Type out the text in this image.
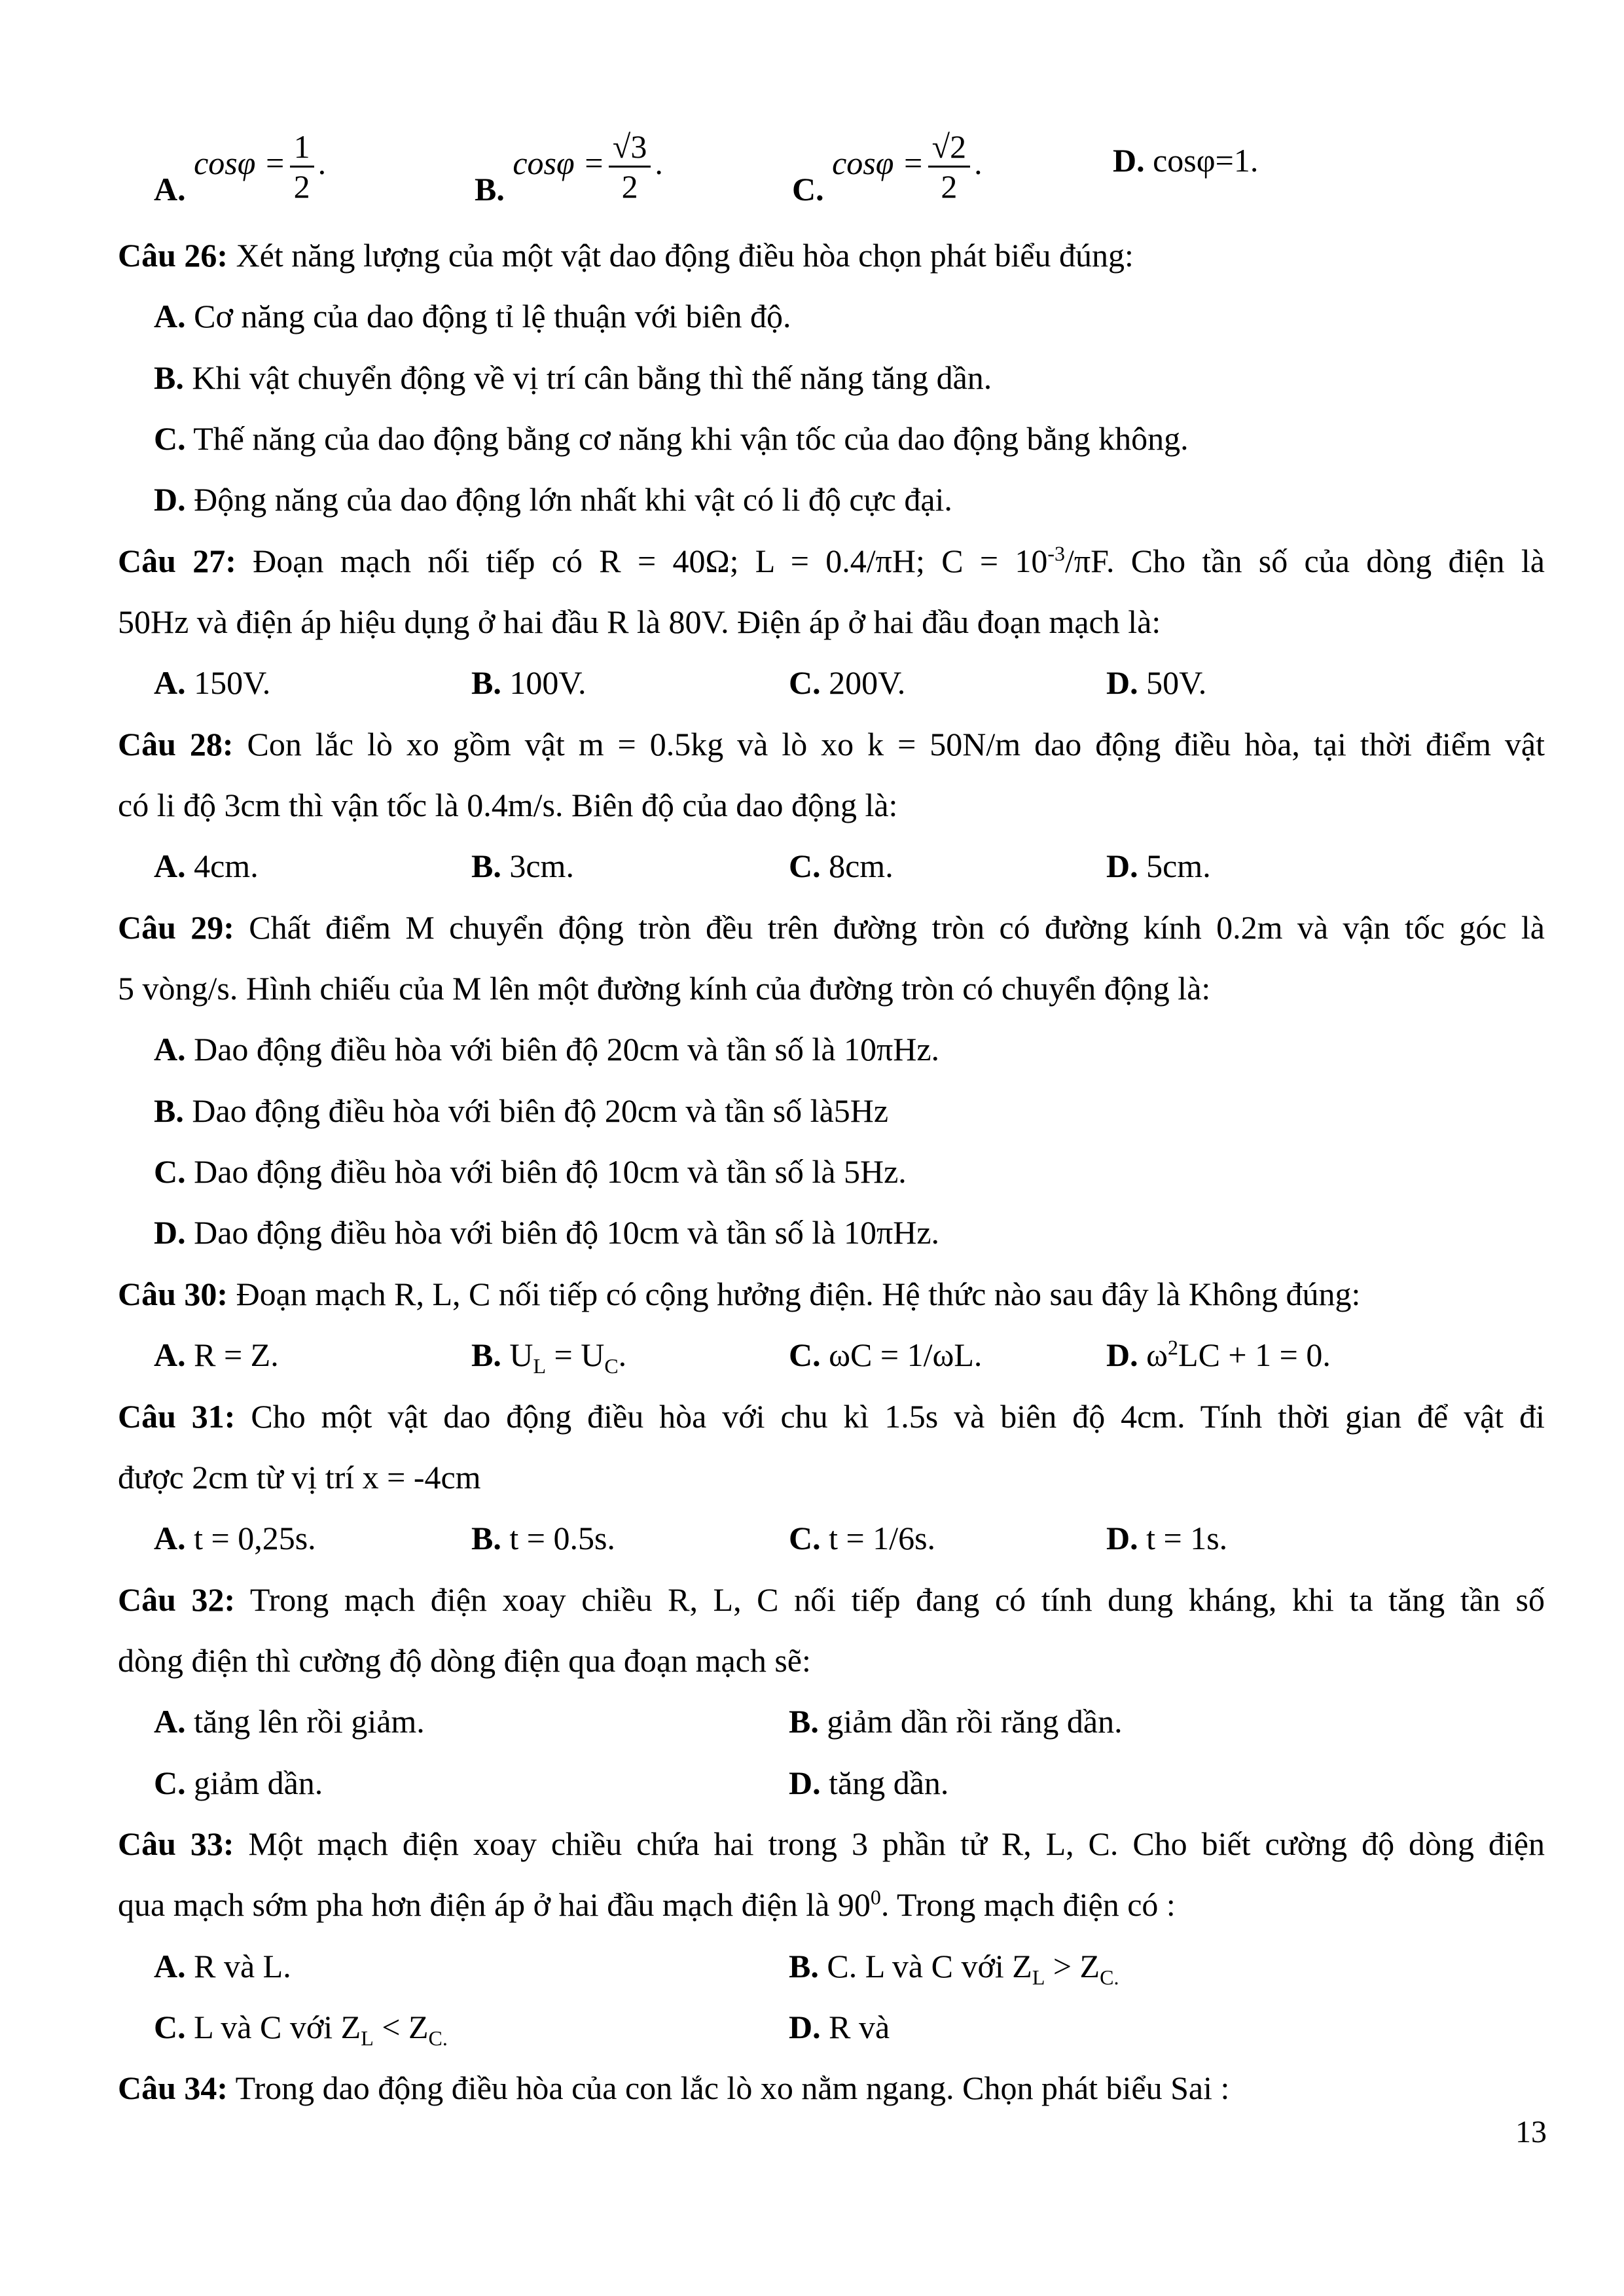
A. $\cos\varphi = \frac{1}{2}$ .
B. $\cos\varphi = \frac{√3}{2}$ .
C. $\cos\varphi = \frac{√2}{2}$ .	D. cosφ=1.
Câu 26: Xét năng lượng của một vật dao động điều hòa chọn phát biểu đúng:
A. Cơ năng của dao động tỉ lệ thuận với biên độ.
B. Khi vật chuyển động về vị trí cân bằng thì thế năng tăng dần.
C. Thế năng của dao động bằng cơ năng khi vận tốc của dao động bằng không.
D. Động năng của dao động lớn nhất khi vật có li độ cực đại.
Câu 27: Đoạn mạch nối tiếp có R = 40Ω; L = 0.4/πH; $C = 10^{-3}/\pi F$. Cho tần số của dòng điện là
50Hz và điện áp hiệu dụng ở hai đầu R là 80V. Điện áp ở hai đầu đoạn mạch là:
A. 150V.	B. 100V.	C. 200V.	D. 50V.
Câu 28: Con lắc lò xo gồm vật m = 0.5kg và lò xo k = 50N/m dao động điều hòa, tại thời điểm vật
có li độ 3cm thì vận tốc là 0.4m/s. Biên độ của dao động là:
A. 4cm.	B. 3cm.	C. 8cm.	D. 5cm.
Câu 29: Chất điểm M chuyển động tròn đều trên đường tròn có đường kính 0.2m và vận tốc góc là
5 vòng/s. Hình chiếu của M lên một đường kính của đường tròn có chuyển động là:
A. Dao động điều hòa với biên độ 20cm và tần số là 10πHz.
B. Dao động điều hòa với biên độ 20cm và tần số là5Hz
C. Dao động điều hòa với biên độ 10cm và tần số là 5Hz.
D. Dao động điều hòa với biên độ 10cm và tần số là 10πHz.
Câu 30: Đoạn mạch R, L, C nối tiếp có cộng hưởng điện. Hệ thức nào sau đây là Không đúng:
A. R = Z.	B. $U_L = U_C$.	C. ωC = 1/ωL.	D. $\omega^2LC + 1 = 0$.
Câu 31: Cho một vật dao động điều hòa với chu kì 1.5s và biên độ 4cm. Tính thời gian để vật đi
được 2cm từ vị trí x = -4cm
A. t = 0,25s.	B. t = 0.5s.	C. t = 1/6s.	D. t = 1s.
Câu 32: Trong mạch điện xoay chiều R, L, C nối tiếp đang có tính dung kháng, khi ta tăng tần số
dòng điện thì cường độ dòng điện qua đoạn mạch sẽ:
A. tăng lên rồi giảm.	B. giảm dần rồi răng dần.
C. giảm dần.	D. tăng dần.
Câu 33: Một mạch điện xoay chiều chứa hai trong 3 phần tử R, L, C. Cho biết cường độ dòng điện
qua mạch sớm pha hơn điện áp ở hai đầu mạch điện là $90^0$. Trong mạch điện có :
A. R và L.	B. C. L và C với $Z_L > Z_{C.}$
C. L và C với $Z_L < Z_{C.}$	D. R và
Câu 34: Trong dao động điều hòa của con lắc lò xo nằm ngang. Chọn phát biểu Sai :
13
